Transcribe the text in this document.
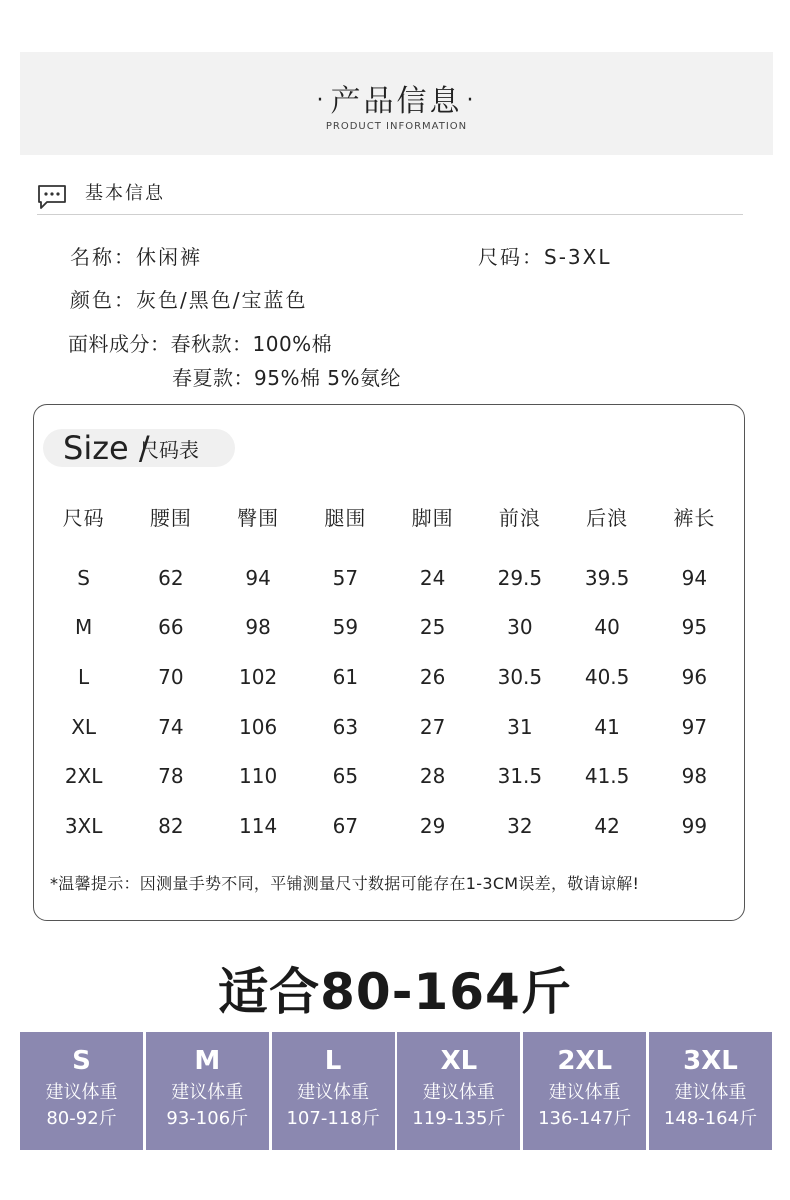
· 产品信息 ·
PRODUCT INFORMATION
基本信息
名称：休闲裤	尺码：S-3XL
颜色：灰色/黑色/宝蓝色
面料成分：春秋款：100%棉
春夏款：95%棉 5%氨纶
Size /
尺码表
尺码	腰围	臀围	腿围	脚围	前浪	后浪	裤长
S	62	94	57	24	29.5	39.5	94
M	66	98	59	25	30	40	95
L	70	102	61	26	30.5	40.5	96
XL	74	106	63	27	31	41	97
2XL	78	110	65	28	31.5	41.5	98
3XL	82	114	67	29	32	42	99
*温馨提示：因测量手势不同，平铺测量尺寸数据可能存在1-3CM误差，敬请谅解!
适合80-164斤
S
建议体重
80-92斤
M
建议体重
93-106斤
L
建议体重
107-118斤
XL
建议体重
119-135斤
2XL
建议体重
136-147斤
3XL
建议体重
148-164斤
